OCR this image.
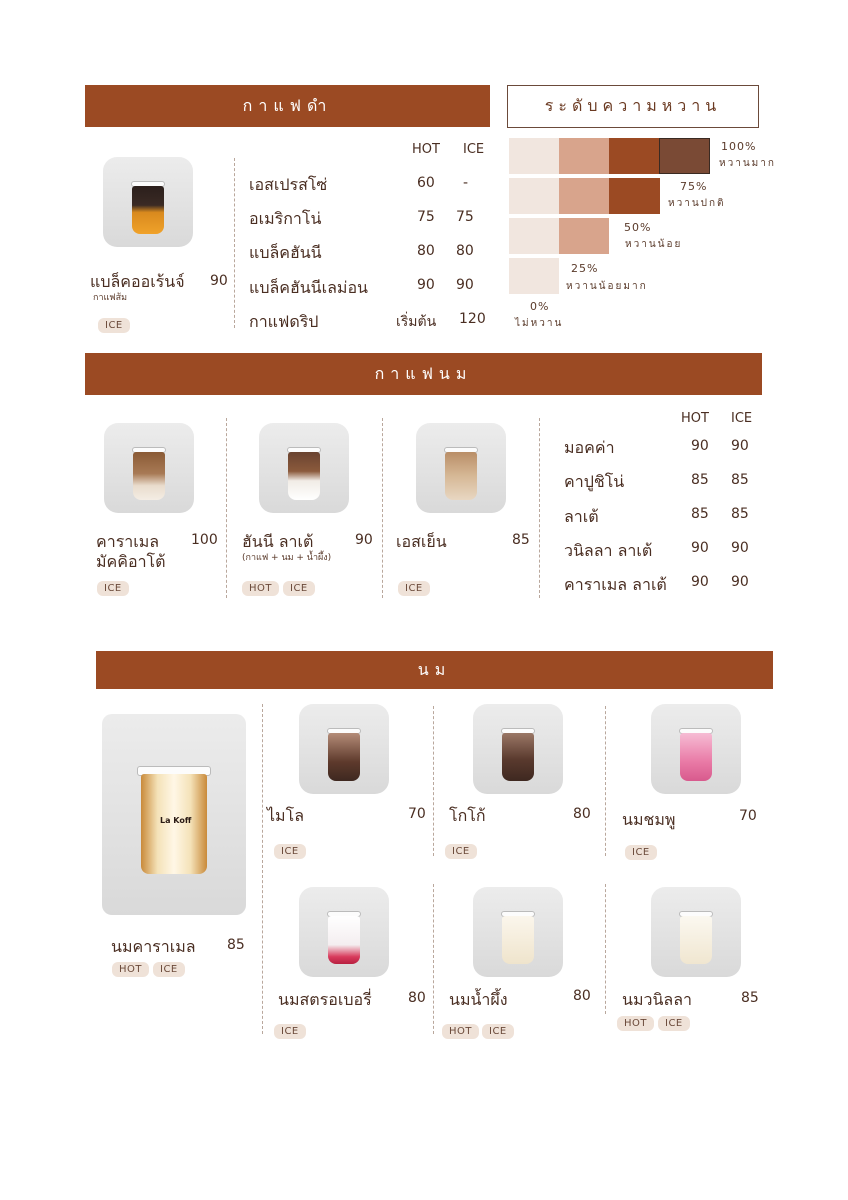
กาแฟดำ
แบล็คออเร้นจ์ 90
กาแฟส้ม
ICE
HOT ICE
เอสเปรสโซ่	60 -
อเมริกาโน่	75 75
แบล็คฮันนี	80 80
แบล็คฮันนีเลม่อน	90 90
กาแฟดริป	เริ่มต้น 120
ระดับความหวาน
100%
หวานมาก
75%
หวานปกติ
50%
หวานน้อย
25%
หวานน้อยมาก
0%
ไม่หวาน
กาแฟนม
คาราเมล
มัคคิอาโต้
100
ICE
ฮันนี ลาเต้	90
(กาแฟ + นม + น้ำผึ้ง)
HOT	ICE
เอสเย็น	85
ICE
HOT ICE
มอคค่า	90 90
คาปูชิโน่	85 85
ลาเต้	85 85
วนิลลา ลาเต้	90 90
คาราเมล ลาเต้ 90 90
นม
La Koff
นมคาราเมล 85
HOT	ICE
ไมโล	70
ICE
โกโก้	80
ICE
นมชมพู	70
ICE
นมสตรอเบอรี่	80
ICE
นมน้ำผึ้ง	80
HOT	ICE
นมวนิลลา	85
HOT	ICE
